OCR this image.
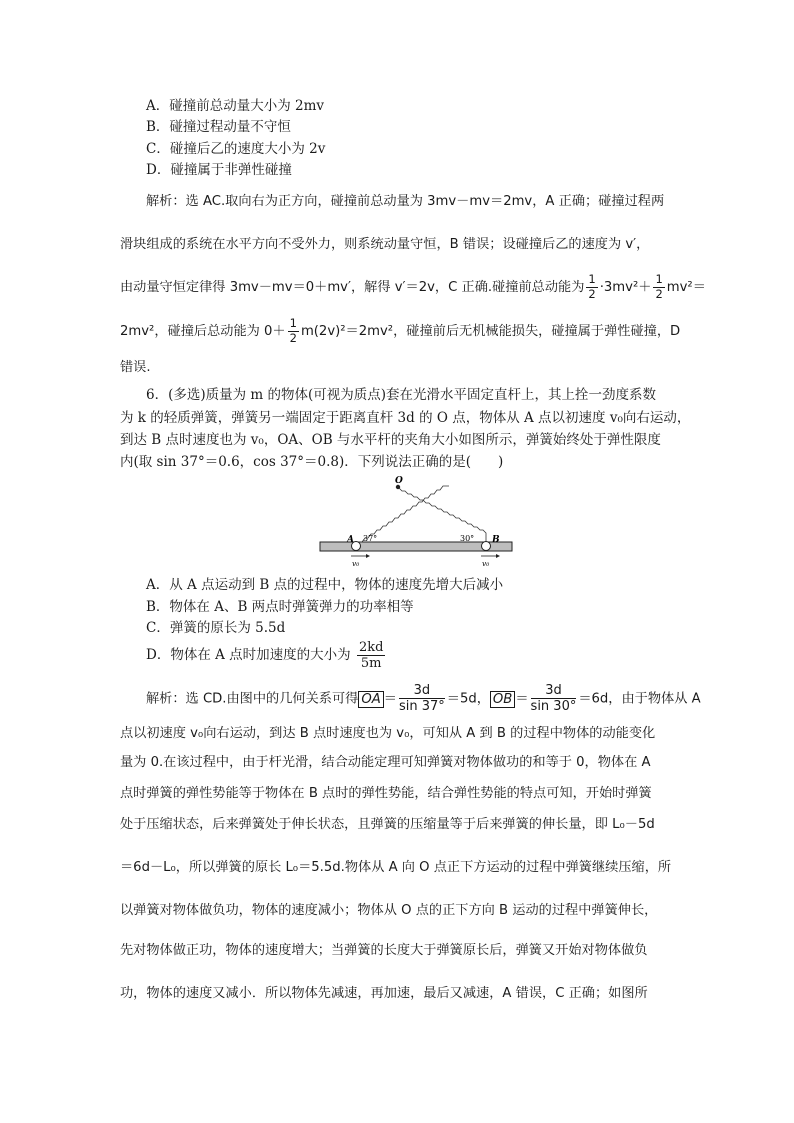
A．碰撞前总动量大小为 2mv
B．碰撞过程动量不守恒
C．碰撞后乙的速度大小为 2v
D．碰撞属于非弹性碰撞
解析：选 AC.取向右为正方向，碰撞前总动量为 3mv－mv＝2mv，A 正确；碰撞过程两
滑块组成的系统在水平方向不受外力，则系统动量守恒，B 错误；设碰撞后乙的速度为 v′，
由动量守恒定律得 3mv－mv＝0＋mv′，解得 v′＝2v，C 正确.碰撞前总动能为 $\frac{1}{2} \cdot 3mv^2+ \frac{1}{2} mv^2=$
2mv²，碰撞后总动能为 $0+ \frac{1}{2} m(2v)^2=2mv^2$，碰撞前后无机械能损失，碰撞属于弹性碰撞，D
错误.
6．(多选)质量为 m 的物体(可视为质点)套在光滑水平固定直杆上，其上拴一劲度系数
为 k 的轻质弹簧，弹簧另一端固定于距离直杆 3d 的 O 点，物体从 A 点以初速度 v₀向右运动，
到达 B 点时速度也为 v₀，OA、OB 与水平杆的夹角大小如图所示，弹簧始终处于弹性限度
内(取 sin 37°＝0.6，cos 37°＝0.8)．下列说法正确的是(　　)
O
A	B
37°	30°
v₀	v₀
A．从 A 点运动到 B 点的过程中，物体的速度先增大后减小
B．物体在 A、B 两点时弹簧弹力的功率相等
C．弹簧的原长为 5.5d
D．物体在 A 点时加速度的大小为 $\frac{2kd}{5m}$
解析：选 CD.由图中的几何关系可得 OA ＝ $\frac{3d}{\sin 37^\circ} =5d$， OB ＝ $\frac{3d}{\sin 30^\circ} =6d$，由于物体从 A
点以初速度 v₀向右运动，到达 B 点时速度也为 v₀，可知从 A 到 B 的过程中物体的动能变化
量为 0.在该过程中，由于杆光滑，结合动能定理可知弹簧对物体做功的和等于 0，物体在 A
点时弹簧的弹性势能等于物体在 B 点时的弹性势能，结合弹性势能的特点可知，开始时弹簧
处于压缩状态，后来弹簧处于伸长状态，且弹簧的压缩量等于后来弹簧的伸长量，即 L₀－5d
＝6d－L₀，所以弹簧的原长 L₀＝5.5d.物体从 A 向 O 点正下方运动的过程中弹簧继续压缩，所
以弹簧对物体做负功，物体的速度减小；物体从 O 点的正下方向 B 运动的过程中弹簧伸长，
先对物体做正功，物体的速度增大；当弹簧的长度大于弹簧原长后，弹簧又开始对物体做负
功，物体的速度又减小．所以物体先减速，再加速，最后又减速，A 错误，C 正确；如图所
